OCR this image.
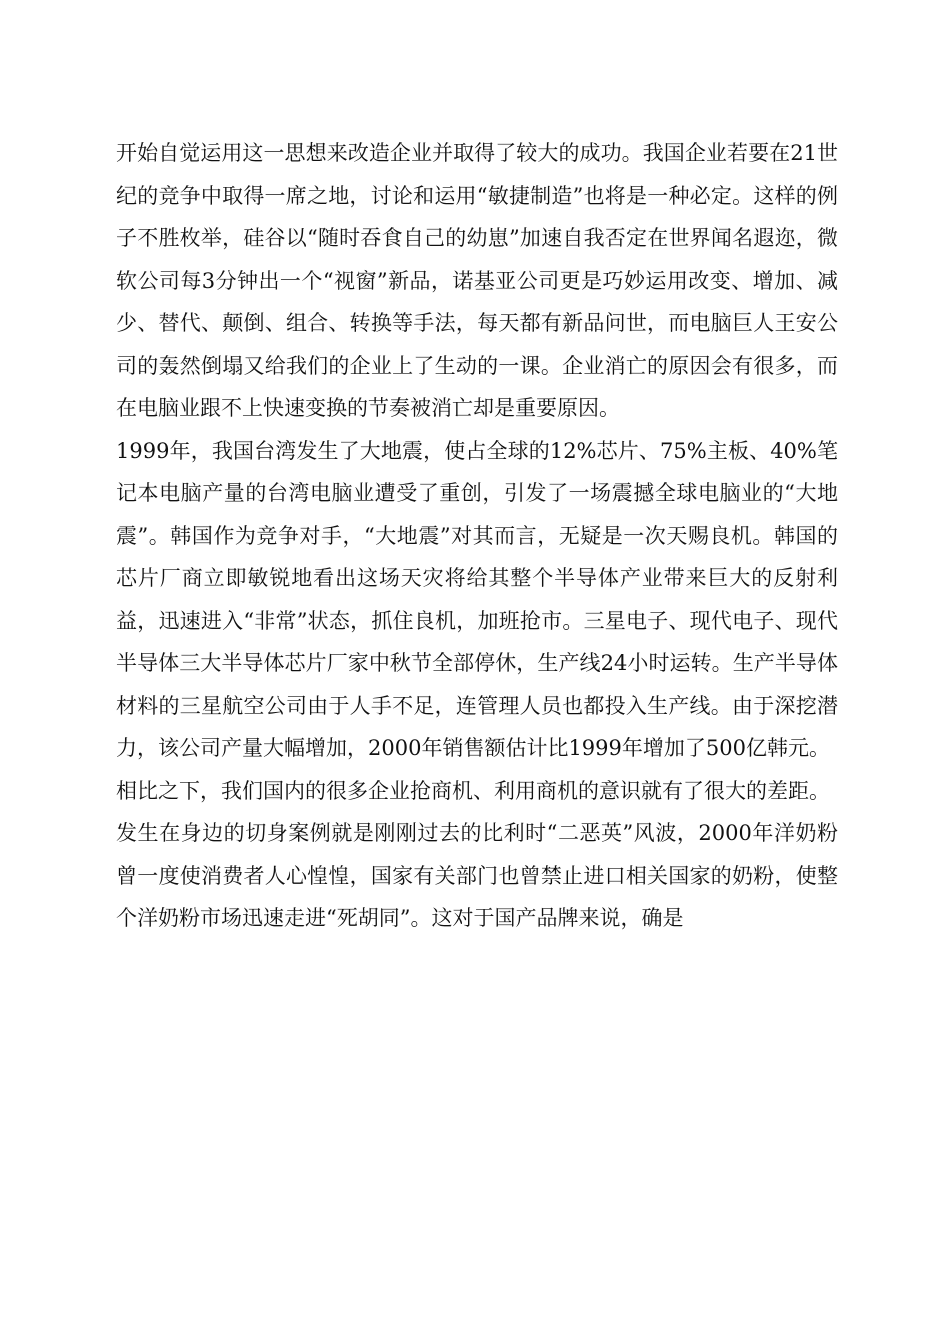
开始自觉运用这一思想来改造企业并取得了较大的成功。我国企业若要在21世纪的竞争中取得一席之地，讨论和运用“敏捷制造”也将是一种必定。这样的例子不胜枚举，硅谷以“随时吞食自己的幼崽”加速自我否定在世界闻名遐迩，微软公司每3分钟出一个“视窗”新品，诺基亚公司更是巧妙运用改变、增加、减少、替代、颠倒、组合、转换等手法，每天都有新品问世，而电脑巨人王安公司的轰然倒塌又给我们的企业上了生动的一课。企业消亡的原因会有很多，而在电脑业跟不上快速变换的节奏被消亡却是重要原因。

1999年，我国台湾发生了大地震，使占全球的12%芯片、75%主板、40%笔记本电脑产量的台湾电脑业遭受了重创，引发了一场震撼全球电脑业的“大地震”。韩国作为竞争对手，“大地震”对其而言，无疑是一次天赐良机。韩国的芯片厂商立即敏锐地看出这场天灾将给其整个半导体产业带来巨大的反射利益，迅速进入“非常”状态，抓住良机，加班抢市。三星电子、现代电子、现代半导体三大半导体芯片厂家中秋节全部停休，生产线24小时运转。生产半导体材料的三星航空公司由于人手不足，连管理人员也都投入生产线。由于深挖潜力，该公司产量大幅增加，2000年销售额估计比1999年增加了500亿韩元。

相比之下，我们国内的很多企业抢商机、利用商机的意识就有了很大的差距。

发生在身边的切身案例就是刚刚过去的比利时“二恶英”风波，2000年洋奶粉曾一度使消费者人心惶惶，国家有关部门也曾禁止进口相关国家的奶粉，使整个洋奶粉市场迅速走进“死胡同”。这对于国产品牌来说，确是
